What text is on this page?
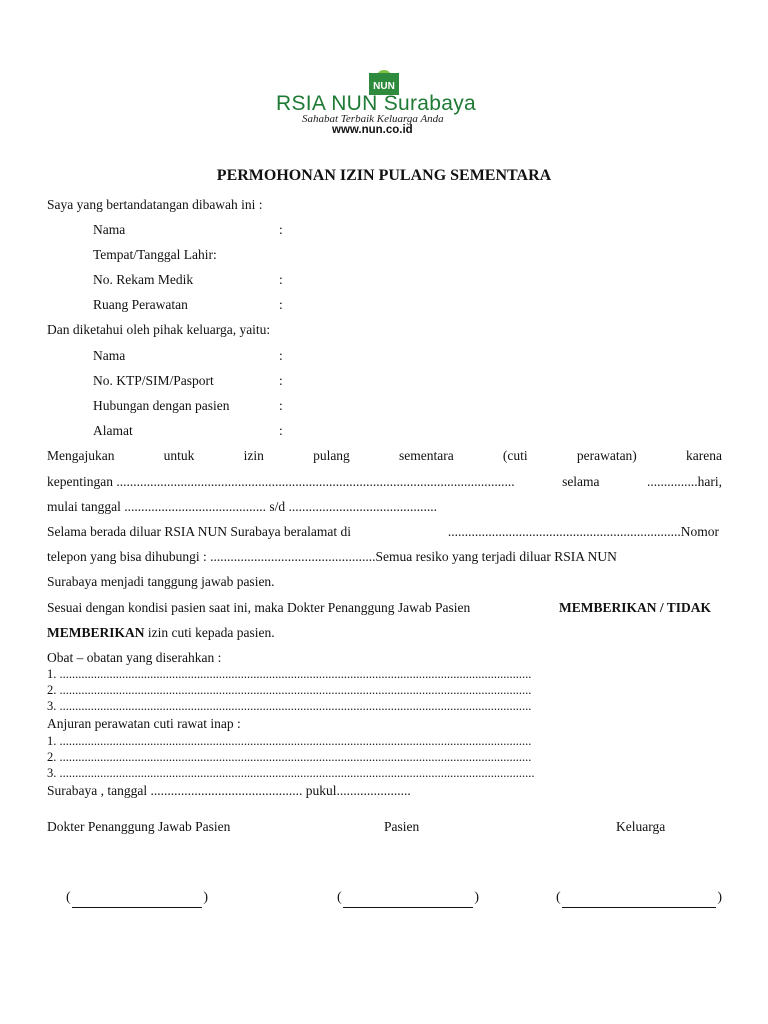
NUN
RSIA NUN Surabaya
Sahabat Terbaik Keluarga Anda
www.nun.co.id
PERMOHONAN IZIN PULANG SEMENTARA
Saya yang bertandatangan dibawah ini :
Nama	:
Tempat/Tanggal Lahir:
No. Rekam Medik	:
Ruang Perawatan	:
Dan diketahui oleh pihak keluarga, yaitu:
Nama	:
No. KTP/SIM/Pasport	:
Hubungan dengan pasien	:
Alamat	:
Mengajukan	untuk	izin	pulang	sementara	(cuti	perawatan)	karena
kepentingan ......................................................................................................................	selama	...............hari,
mulai tanggal .......................................... s/d ............................................
Selama berada diluar RSIA NUN Surabaya beralamat di	.....................................................................Nomor
telepon yang bisa dihubungi : .................................................Semua resiko yang terjadi diluar RSIA NUN
Surabaya menjadi tanggung jawab pasien.
Sesuai dengan kondisi pasien saat ini, maka Dokter Penanggung Jawab Pasien	MEMBERIKAN / TIDAK
MEMBERIKAN izin cuti kepada pasien.
Obat – obatan yang diserahkan :
1. .......................................................................................................................................................
2. .......................................................................................................................................................
3. .......................................................................................................................................................
Anjuran perawatan cuti rawat inap :
1. .......................................................................................................................................................
2. .......................................................................................................................................................
3. ........................................................................................................................................................
Surabaya , tanggal ............................................. pukul......................
Dokter Penanggung Jawab Pasien	Pasien	Keluarga
(	)	(	)	(	)
